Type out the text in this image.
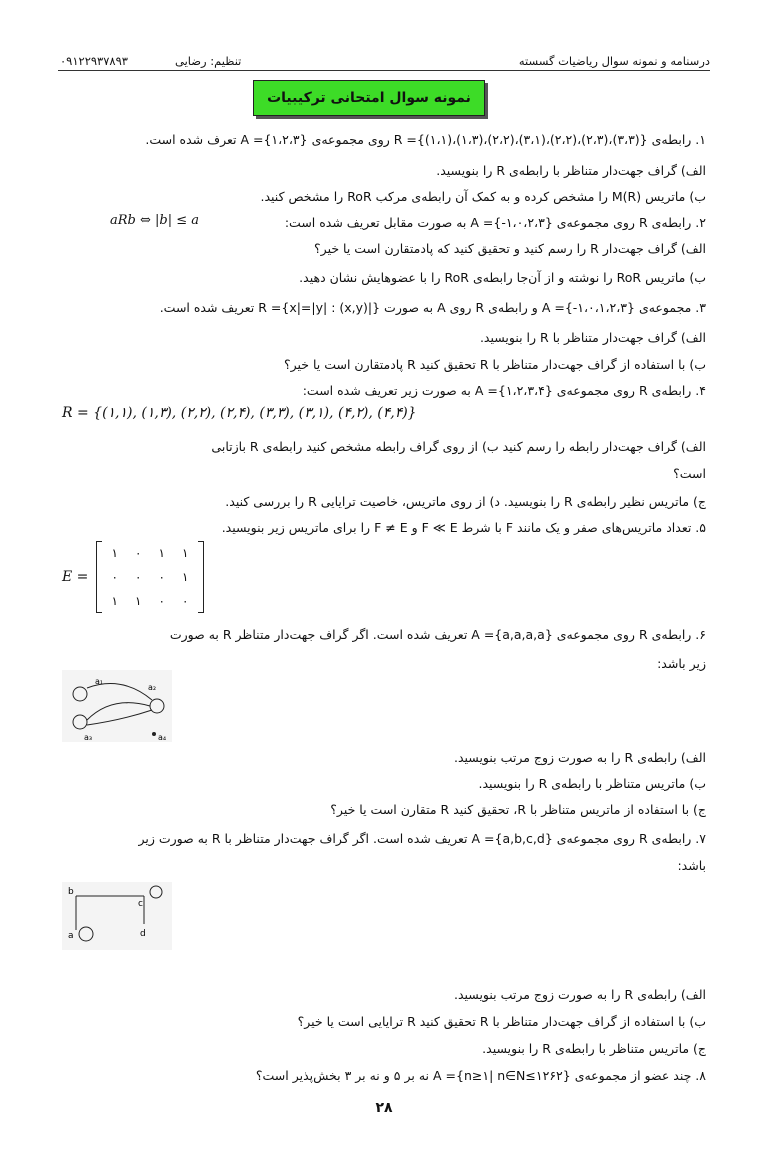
درسنامه و نمونه سوال ریاضیات گسسته
تنظیم: رضایی
۰۹۱۲۲۹۳۷۸۹۳
نمونه سوال امتحانی ترکیبیات
۱. رابطه‌ی {(۳،۳)،(۲،۳)،(۲،۲)،(۳،۱)،(۲،۲)،(۱،۳)،(۱،۱)}= R روی مجموعه‌ی {۱،۲،۳}= A تعرف شده است.
الف) گراف جهت‌دار متناظر با رابطه‌ی R را بنویسید.
ب) ماتریس (M(R را مشخص کرده و به کمک آن رابطه‌ی مرکب RoR را مشخص کنید.
۲. رابطه‌ی R روی مجموعه‌ی {۱،۰،۲،۳-}= A به صورت مقابل تعریف شده است:
الف) گراف جهت‌دار R را رسم کنید و تحقیق کنید که پادمتقارن است یا خیر؟
ب) ماتریس RoR را نوشته و از آن‌جا رابطه‌ی RoR را با عضوهایش نشان دهید.
۳. مجموعه‌ی {۱،۰،۱،۲،۳-}= A و رابطه‌ی R روی A به صورت {|x|=|y| : (x,y)}= R تعریف شده است.
الف) گراف جهت‌دار متناظر با R را بنویسید.
ب) با استفاده از گراف جهت‌دار متناظر با R تحقیق کنید R پادمتقارن است یا خیر؟
۴. رابطه‌ی R روی مجموعه‌ی {۱،۲،۳،۴}= A به صورت زیر تعریف شده است:
الف) گراف جهت‌دار رابطه را رسم کنید ب) از روی گراف رابطه مشخص کنید رابطه‌ی R بازتابی
است؟
ج) ماتریس نظیر رابطه‌ی R را بنویسید. د) از روی ماتریس، خاصیت ترایایی R را بررسی کنید.
۵. تعداد ماتریس‌های صفر و یک مانند F با شرط F ≪ E و F ≠ E را برای ماتریس زیر بنویسید.
۶. رابطه‌ی R روی مجموعه‌ی {a,a,a,a}= A تعریف شده است. اگر گراف جهت‌دار متناظر R به صورت
زیر باشد:
الف) رابطه‌ی R را به صورت زوج مرتب بنویسید.
ب) ماتریس متناظر با رابطه‌ی R را بنویسید.
ج) با استفاده از ماتریس متناظر با R، تحقیق کنید R متقارن است یا خیر؟
۷. رابطه‌ی R روی مجموعه‌ی {a,b,c,d}= A تعریف شده است. اگر گراف جهت‌دار متناظر با R به صورت زیر
باشد:
الف) رابطه‌ی R را به صورت زوج مرتب بنویسید.
ب) با استفاده از گراف جهت‌دار متناظر با R تحقیق کنید R ترایایی است یا خیر؟
ج) ماتریس متناظر با رابطه‌ی R را بنویسید.
۸. چند عضو از مجموعه‌ی {۱۲۶۲≥n≥۱| n∈N}= A نه بر ۵ و نه بر ۳ بخش‌پذیر است؟
aRb ⇔ |b| ≤ a
R = {(۱,۱), (۱,۳), (۲,۲), (۲,۴), (۳,۳), (۳,۱), (۴,۲), (۴,۴)}
E =
۱ ۰ ۱ ۱
۰ ۰ ۰ ۱
۱ ۱ ۰ ۰
a₁
a₂
a₃	a₄
b
c
a	d
۲۸
